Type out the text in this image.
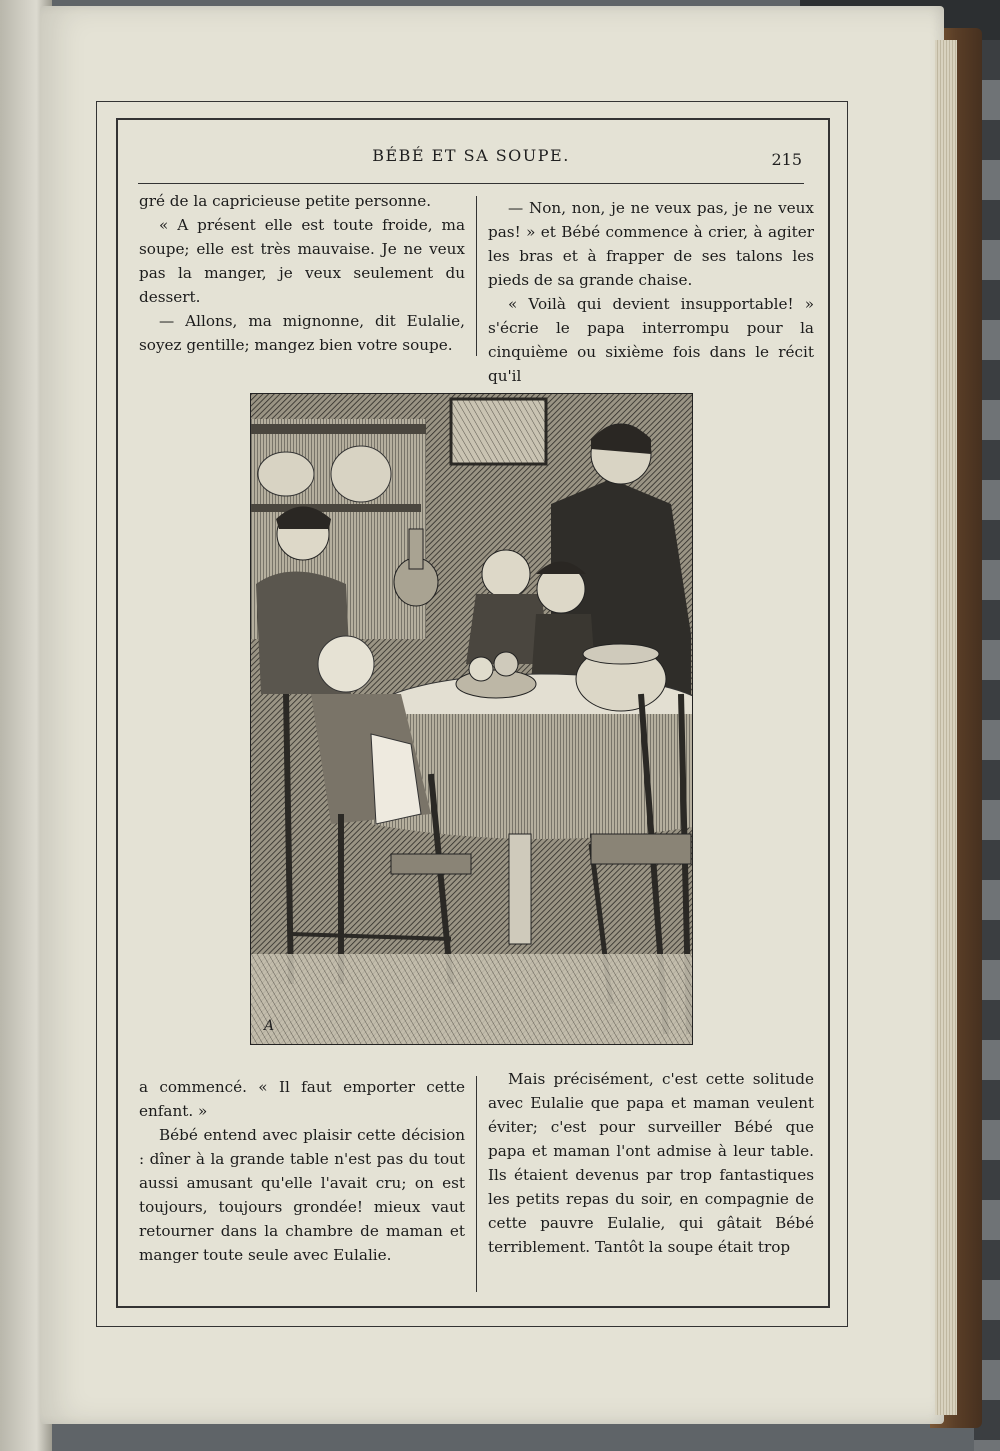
BÉBÉ ET SA SOUPE.	215

gré de la capricieuse petite personne.

« A présent elle est toute froide, ma soupe; elle est très mauvaise. Je ne veux pas la manger, je veux seulement du dessert.

— Allons, ma mignonne, dit Eulalie, soyez gentille; mangez bien votre soupe.

— Non, non, je ne veux pas, je ne veux pas! » et Bébé commence à crier, à agiter les bras et à frapper de ses talons les pieds de sa grande chaise.

« Voilà qui devient insupportable! » s'écrie le papa interrompu pour la cinquième ou sixième fois dans le récit qu'il

A

a commencé. « Il faut emporter cette enfant. »

Bébé entend avec plaisir cette décision : dîner à la grande table n'est pas du tout aussi amusant qu'elle l'avait cru; on est toujours, toujours grondée! mieux vaut retourner dans la chambre de maman et manger toute seule avec Eulalie.

Mais précisément, c'est cette solitude avec Eulalie que papa et maman veulent éviter; c'est pour surveiller Bébé que papa et maman l'ont admise à leur table. Ils étaient devenus par trop fantastiques les petits repas du soir, en compagnie de cette pauvre Eulalie, qui gâtait Bébé terriblement. Tantôt la soupe était trop
